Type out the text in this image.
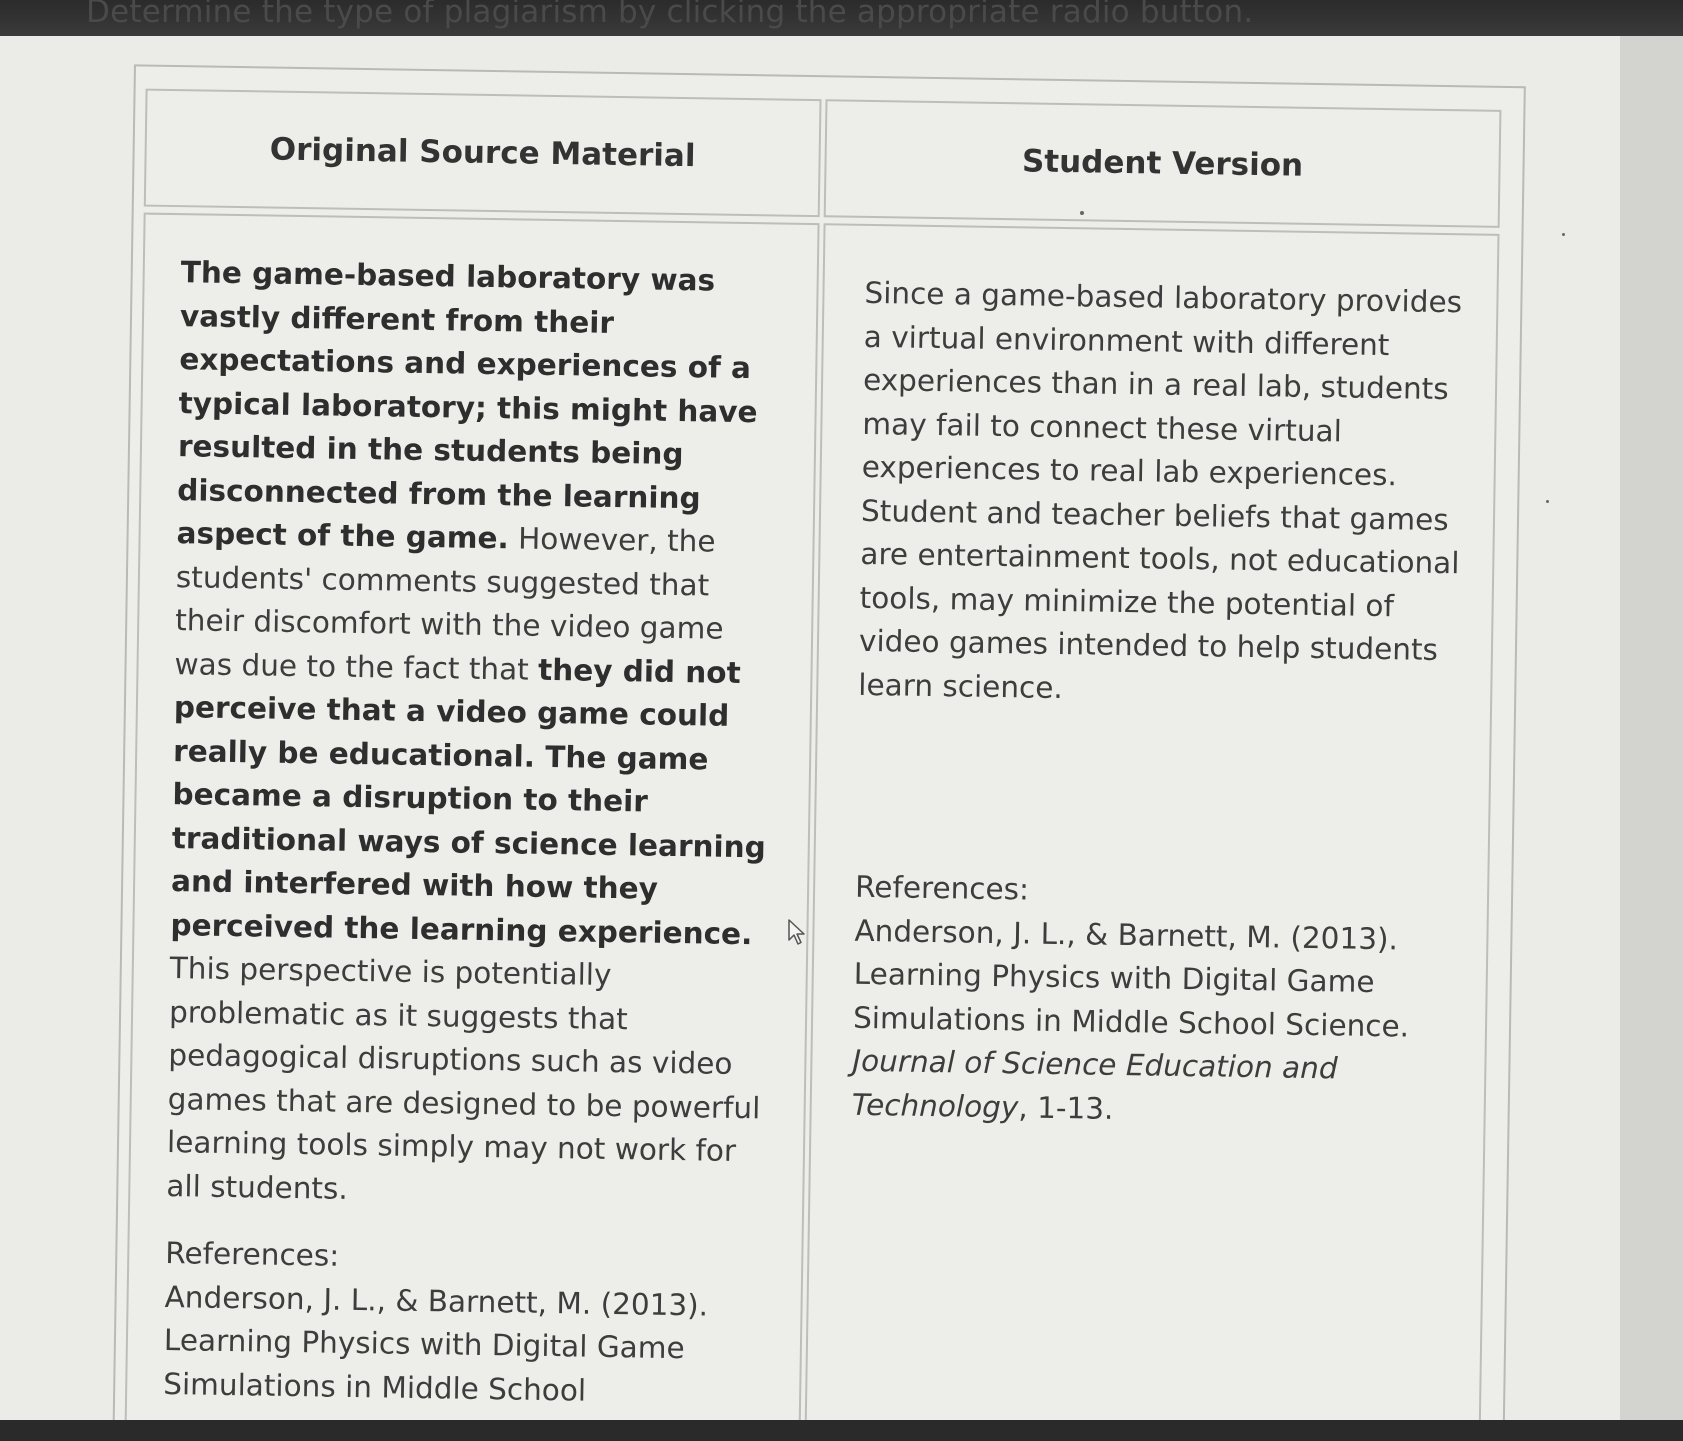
Determine the type of plagiarism by clicking the appropriate radio button.
Original Source Material	Student Version
The game-based laboratory was vastly different from their expectations and experiences of a typical laboratory; this might have resulted in the students being disconnected from the learning aspect of the game. However, the students' comments suggested that their discomfort with the video game was due to the fact that they did not perceive that a video game could really be educational. The game became a disruption to their traditional ways of science learning and interfered with how they perceived the learning experience. This perspective is potentially problematic as it suggests that pedagogical disruptions such as video games that are designed to be powerful learning tools simply may not work for all students.
References:
Anderson, J. L., & Barnett, M. (2013). Learning Physics with Digital Game Simulations in Middle School
Since a game-based laboratory provides a virtual environment with different experiences than in a real lab, students may fail to connect these virtual experiences to real lab experiences. Student and teacher beliefs that games are entertainment tools, not educational tools, may minimize the potential of video games intended to help students learn science.
References:
Anderson, J. L., & Barnett, M. (2013). Learning Physics with Digital Game Simulations in Middle School Science. Journal of Science Education and Technology, 1-13.
